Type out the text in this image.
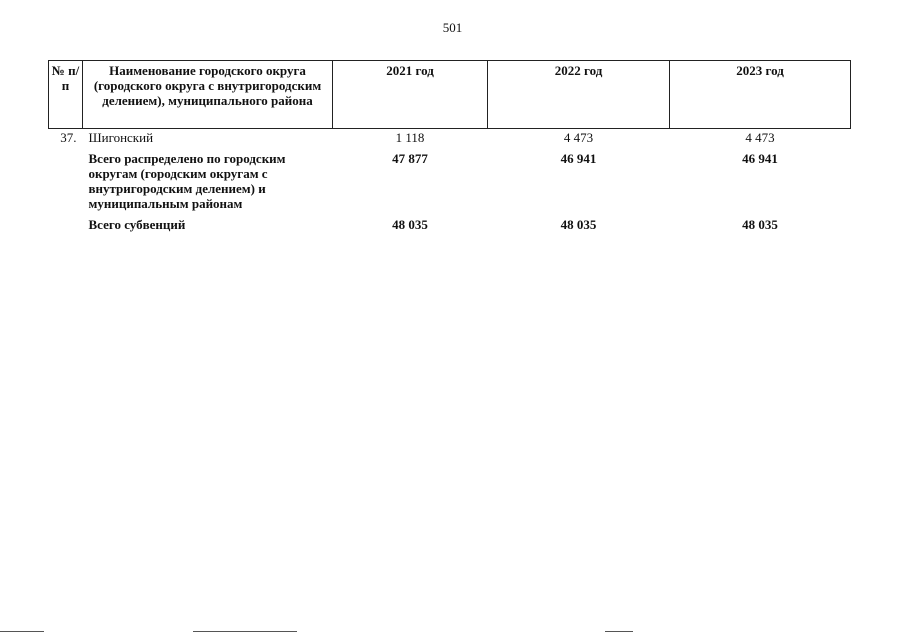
501
№ п/п	Наименование городского округа (городского округа с внутригородским делением), муниципального района	2021 год	2022 год	2023 год
37.	Шигонский	1 118	4 473	4 473
	Всего распределено по городским округам (городским округам с внутригородским делением) и муниципальным районам	47 877	46 941	46 941
	Всего субвенций	48 035	48 035	48 035
